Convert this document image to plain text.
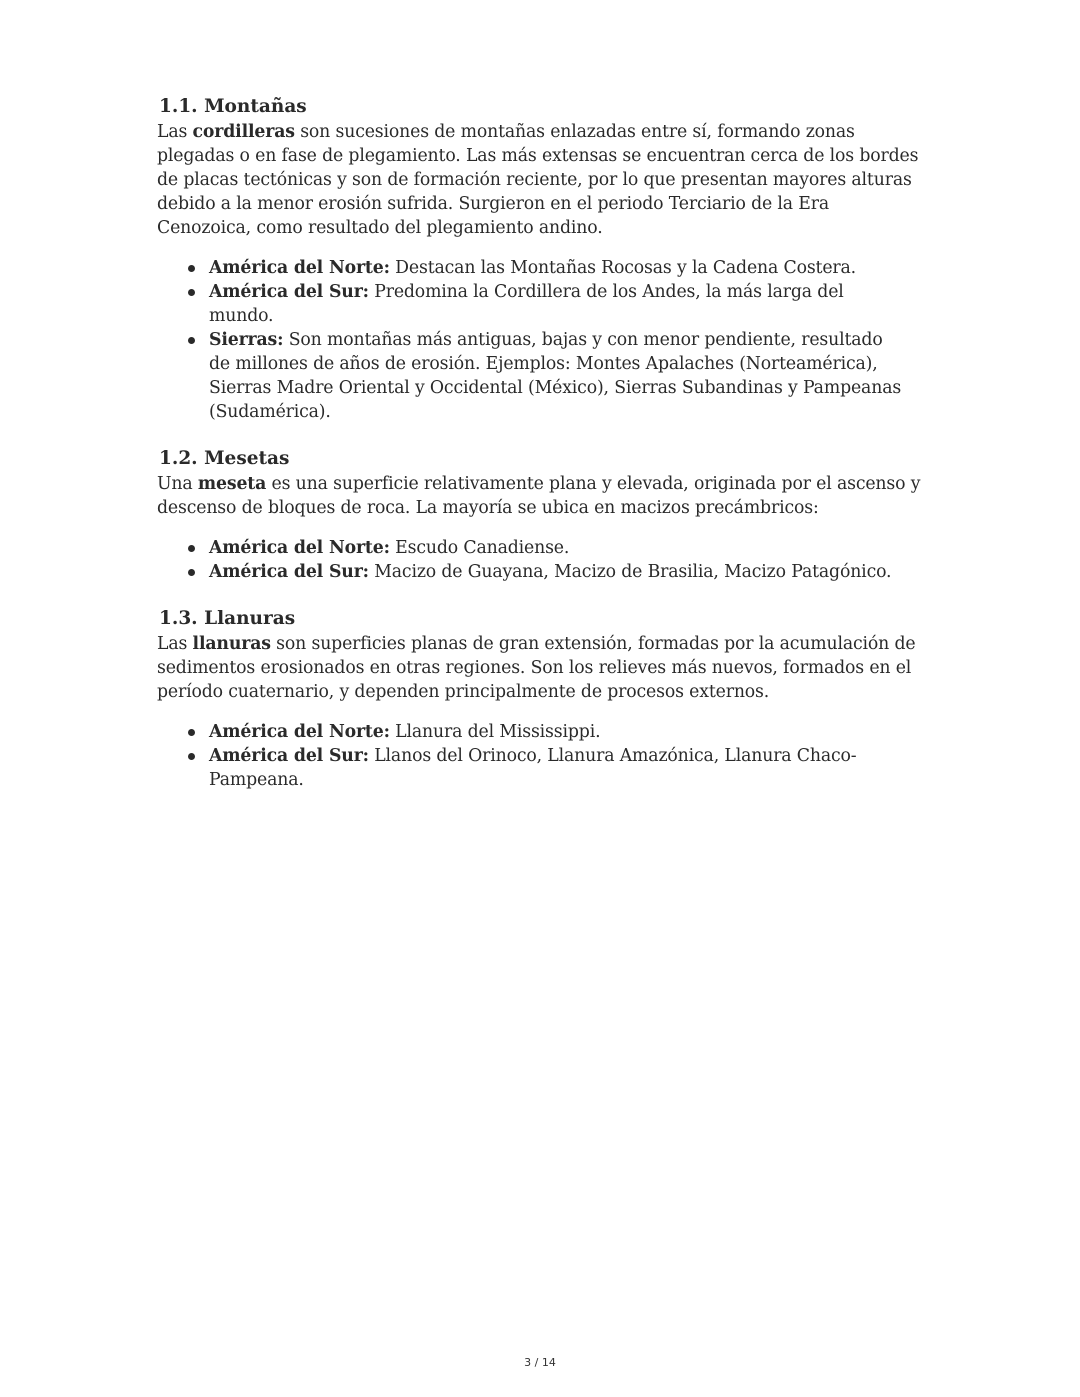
1.1. Montañas

Las cordilleras son sucesiones de montañas enlazadas entre sí, formando zonas plegadas o en fase de plegamiento. Las más extensas se encuentran cerca de los bordes de placas tectónicas y son de formación reciente, por lo que presentan mayores alturas debido a la menor erosión sufrida. Surgieron en el periodo Terciario de la Era Cenozoica, como resultado del plegamiento andino.

América del Norte: Destacan las Montañas Rocosas y la Cadena Costera.
América del Sur: Predomina la Cordillera de los Andes, la más larga del mundo.
Sierras: Son montañas más antiguas, bajas y con menor pendiente, resultado de millones de años de erosión. Ejemplos: Montes Apalaches (Norteamérica), Sierras Madre Oriental y Occidental (México), Sierras Subandinas y Pampeanas (Sudamérica).
1.2. Mesetas

Una meseta es una superficie relativamente plana y elevada, originada por el ascenso y descenso de bloques de roca. La mayoría se ubica en macizos precámbricos:

América del Norte: Escudo Canadiense.
América del Sur: Macizo de Guayana, Macizo de Brasilia, Macizo Patagónico.
1.3. Llanuras

Las llanuras son superficies planas de gran extensión, formadas por la acumulación de sedimentos erosionados en otras regiones. Son los relieves más nuevos, formados en el período cuaternario, y dependen principalmente de procesos externos.

América del Norte: Llanura del Mississippi.
América del Sur: Llanos del Orinoco, Llanura Amazónica, Llanura Chaco-Pampeana.
3 / 14
